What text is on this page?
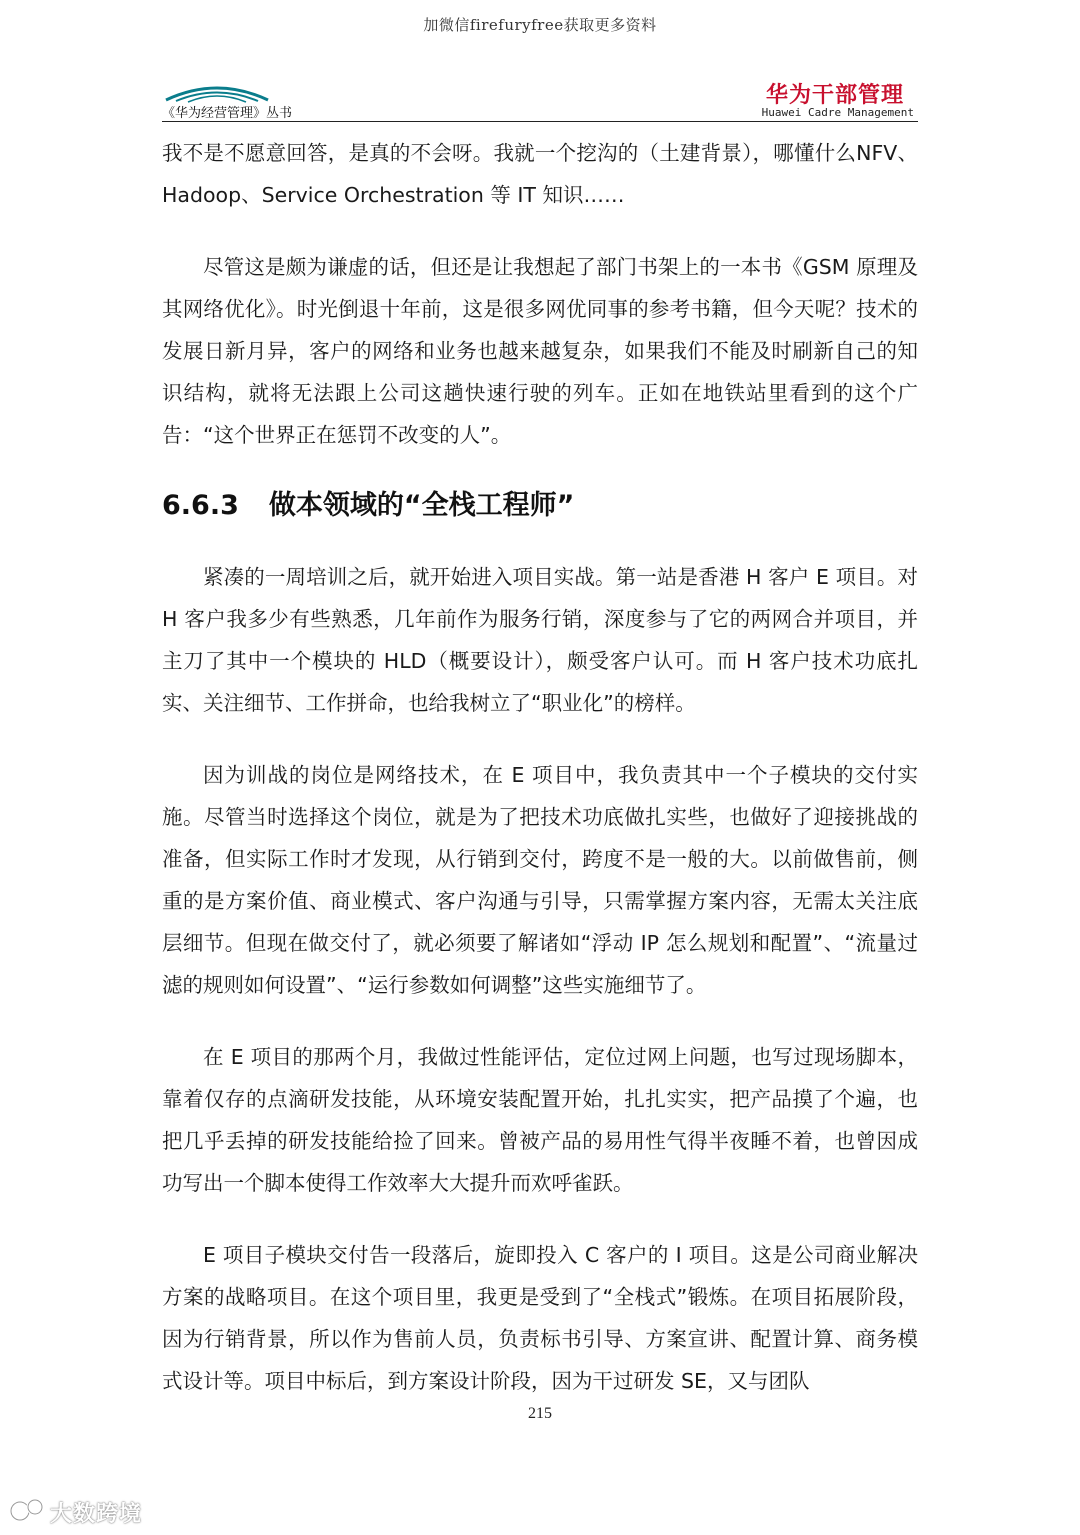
加微信firefuryfree获取更多资料
《华为经营管理》丛书
华为干部管理
Huawei Cadre Management

我不是不愿意回答，是真的不会呀。我就一个挖沟的（土建背景），哪懂什么NFV、Hadoop、Service Orchestration 等 IT 知识……

尽管这是颇为谦虚的话，但还是让我想起了部门书架上的一本书《GSM 原理及其网络优化》。时光倒退十年前，这是很多网优同事的参考书籍，但今天呢？技术的发展日新月异，客户的网络和业务也越来越复杂，如果我们不能及时刷新自己的知识结构，就将无法跟上公司这趟快速行驶的列车。正如在地铁站里看到的这个广告：“这个世界正在惩罚不改变的人”。

6.6.3 做本领域的“全栈工程师”

紧凑的一周培训之后，就开始进入项目实战。第一站是香港 H 客户 E 项目。对 H 客户我多少有些熟悉，几年前作为服务行销，深度参与了它的两网合并项目，并主刀了其中一个模块的 HLD（概要设计），颇受客户认可。而 H 客户技术功底扎实、关注细节、工作拼命，也给我树立了“职业化”的榜样。

因为训战的岗位是网络技术，在 E 项目中，我负责其中一个子模块的交付实施。尽管当时选择这个岗位，就是为了把技术功底做扎实些，也做好了迎接挑战的准备，但实际工作时才发现，从行销到交付，跨度不是一般的大。以前做售前，侧重的是方案价值、商业模式、客户沟通与引导，只需掌握方案内容，无需太关注底层细节。但现在做交付了，就必须要了解诸如“浮动 IP 怎么规划和配置”、“流量过滤的规则如何设置”、“运行参数如何调整”这些实施细节了。

在 E 项目的那两个月，我做过性能评估，定位过网上问题，也写过现场脚本，靠着仅存的点滴研发技能，从环境安装配置开始，扎扎实实，把产品摸了个遍，也把几乎丢掉的研发技能给捡了回来。曾被产品的易用性气得半夜睡不着，也曾因成功写出一个脚本使得工作效率大大提升而欢呼雀跃。

E 项目子模块交付告一段落后，旋即投入 C 客户的 I 项目。这是公司商业解决方案的战略项目。在这个项目里，我更是受到了“全栈式”锻炼。在项目拓展阶段，因为行销背景，所以作为售前人员，负责标书引导、方案宣讲、配置计算、商务模式设计等。项目中标后，到方案设计阶段，因为干过研发 SE，又与团队

215
大数跨境
